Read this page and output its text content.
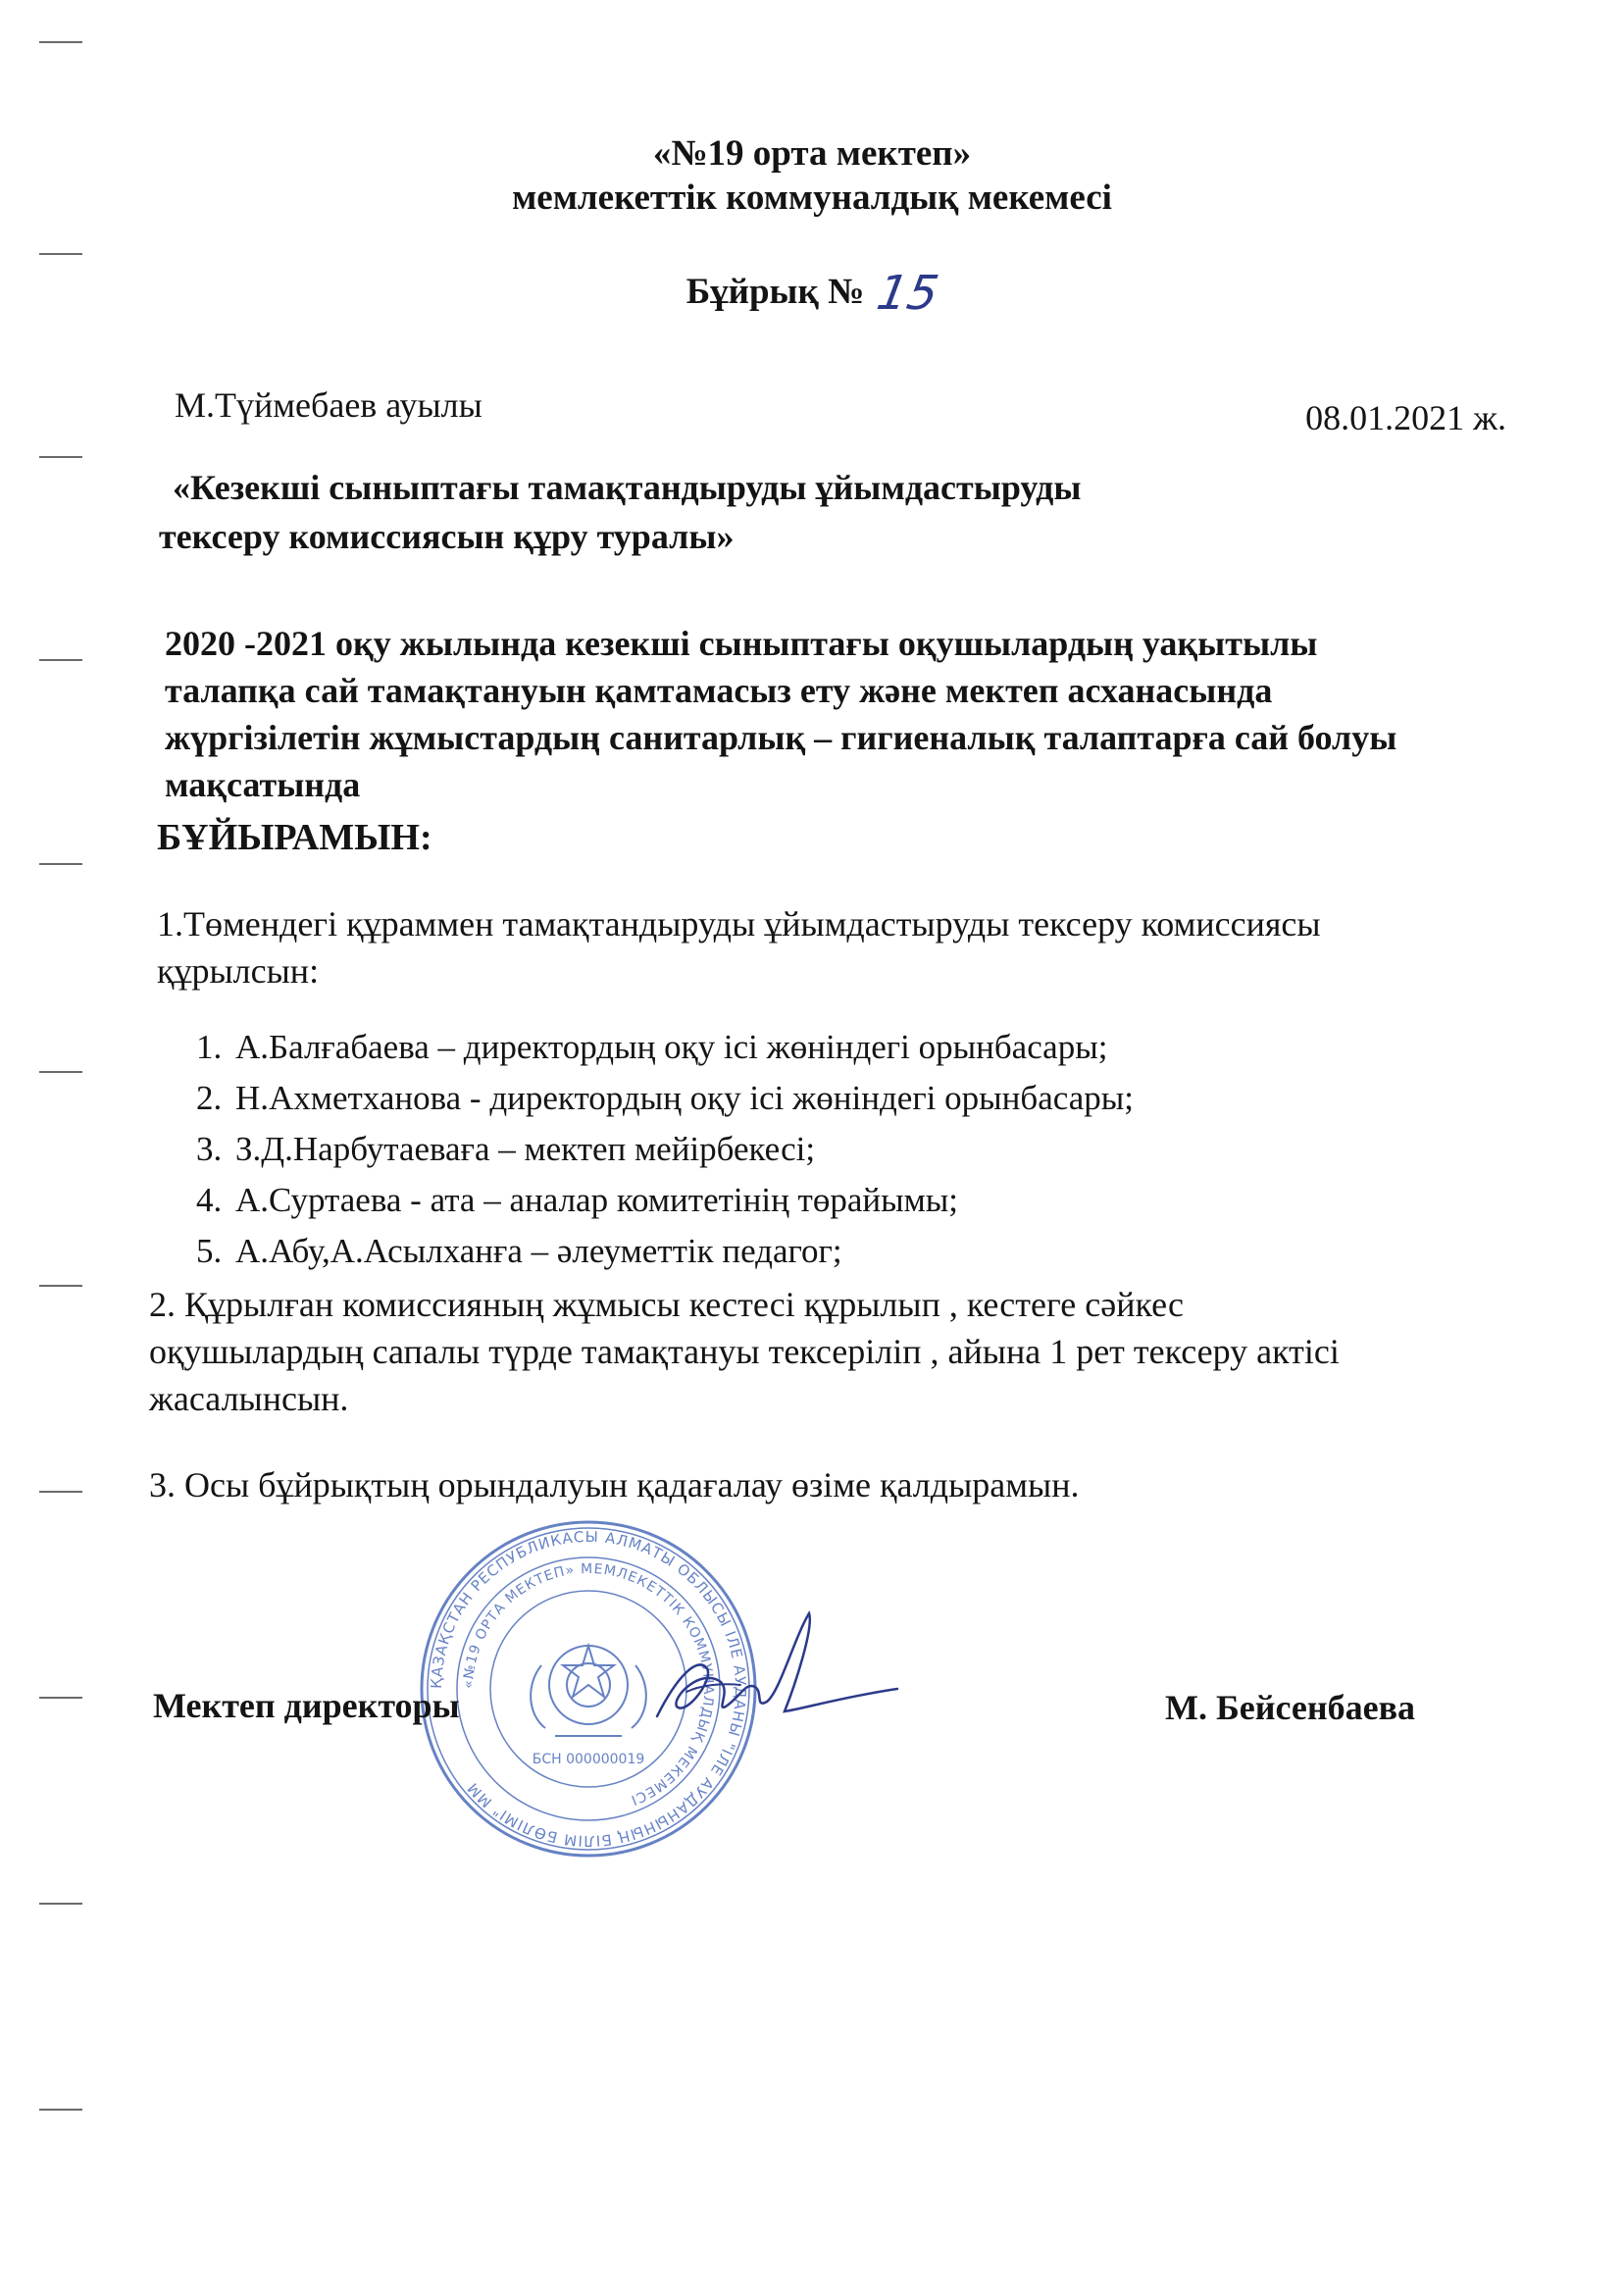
«№19 орта мектеп»
мемлекеттік коммуналдық мекемесі
Бұйрық № 15
М.Түймебаев ауылы	08.01.2021 ж.
«Кезекші сыныптағы тамақтандыруды ұйымдастыруды
тексеру комиссиясын құру туралы»
2020 -2021 оқу жылында кезекші сыныптағы оқушылардың уақытылы
талапқа сай тамақтануын қамтамасыз ету және мектеп асханасында
жүргізілетін жұмыстардың санитарлық – гигиеналық талаптарға сай болуы
мақсатында
БҰЙЫРАМЫН:
1.Төмендегі құраммен тамақтандыруды ұйымдастыруды тексеру комиссиясы
құрылсын:
1. А.Балғабаева – директордың оқу ісі жөніндегі орынбасары;
2. Н.Ахметханова - директордың оқу ісі жөніндегі орынбасары;
3. З.Д.Нарбутаеваға – мектеп мейірбекесі;
4. А.Суртаева - ата – аналар комитетінің төрайымы;
5. А.Абу,А.Асылханға – әлеуметтік педагог;
2. Құрылған комиссияның жұмысы кестесі құрылып , кестеге сәйкес
оқушылардың сапалы түрде тамақтануы тексеріліп , айына 1 рет тексеру актісі
жасалынсын.
3. Осы бұйрықтың орындалуын қадағалау өзіме қалдырамын.
ҚАЗАҚСТАН РЕСПУБЛИКАСЫ АЛМАТЫ ОБЛЫСЫ ІЛЕ АУДАНЫ "ІЛЕ АУДАНЫНЫҢ БІЛІМ БӨЛІМІ" ММ
«№19 ОРТА МЕКТЕП» МЕМЛЕКЕТТІК КОММУНАЛДЫҚ МЕКЕМЕСІ
БСН 000000019
Мектеп директоры	М. Бейсенбаева
